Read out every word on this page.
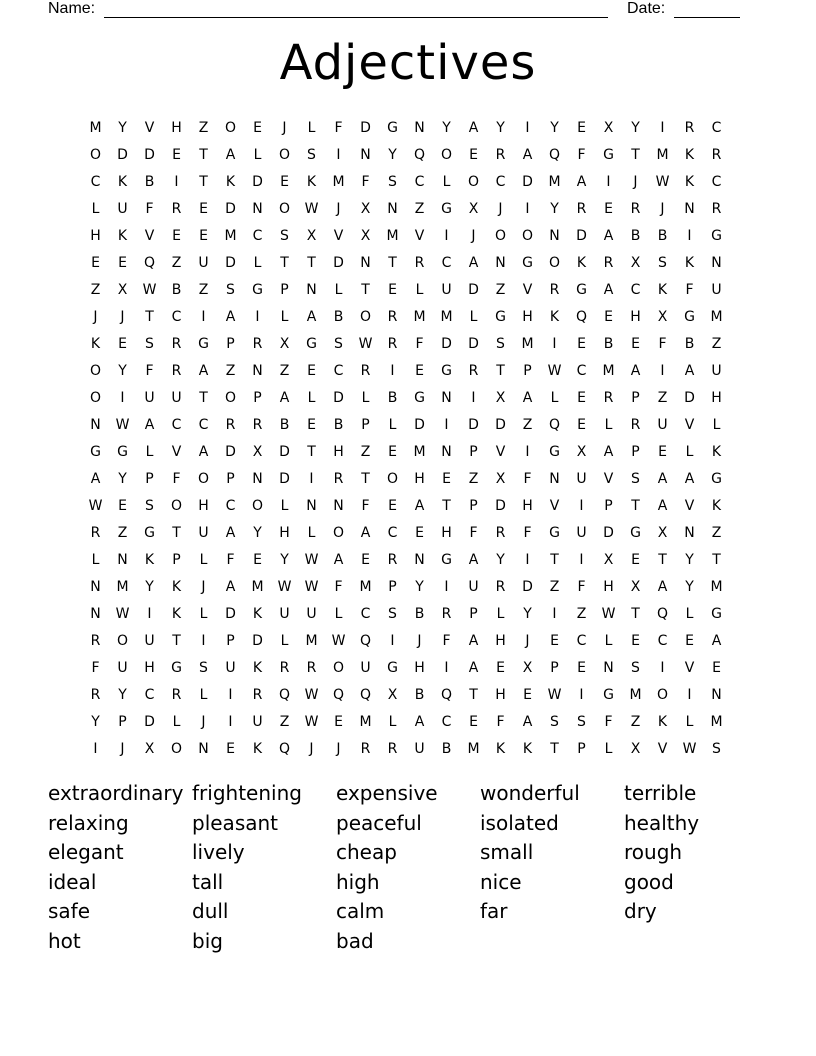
Name:	Date:
Adjectives
M	Y	V	H	Z	O	E	J	L	F	D	G	N	Y	A	Y	I	Y	E	X	Y	I	R	C
O	D	D	E	T	A	L	O	S	I	N	Y	Q	O	E	R	A	Q	F	G	T	M	K	R
C	K	B	I	T	K	D	E	K	M	F	S	C	L	O	C	D	M	A	I	J	W	K	C
L	U	F	R	E	D	N	O	W	J	X	N	Z	G	X	J	I	Y	R	E	R	J	N	R
H	K	V	E	E	M	C	S	X	V	X	M	V	I	J	O	O	N	D	A	B	B	I	G
E	E	Q	Z	U	D	L	T	T	D	N	T	R	C	A	N	G	O	K	R	X	S	K	N
Z	X	W	B	Z	S	G	P	N	L	T	E	L	U	D	Z	V	R	G	A	C	K	F	U
J	J	T	C	I	A	I	L	A	B	O	R	M	M	L	G	H	K	Q	E	H	X	G	M
K	E	S	R	G	P	R	X	G	S	W	R	F	D	D	S	M	I	E	B	E	F	B	Z
O	Y	F	R	A	Z	N	Z	E	C	R	I	E	G	R	T	P	W	C	M	A	I	A	U
O	I	U	U	T	O	P	A	L	D	L	B	G	N	I	X	A	L	E	R	P	Z	D	H
N	W	A	C	C	R	R	B	E	B	P	L	D	I	D	D	Z	Q	E	L	R	U	V	L
G	G	L	V	A	D	X	D	T	H	Z	E	M	N	P	V	I	G	X	A	P	E	L	K
A	Y	P	F	O	P	N	D	I	R	T	O	H	E	Z	X	F	N	U	V	S	A	A	G
W	E	S	O	H	C	O	L	N	N	F	E	A	T	P	D	H	V	I	P	T	A	V	K
R	Z	G	T	U	A	Y	H	L	O	A	C	E	H	F	R	F	G	U	D	G	X	N	Z
L	N	K	P	L	F	E	Y	W	A	E	R	N	G	A	Y	I	T	I	X	E	T	Y	T
N	M	Y	K	J	A	M	W W	F	M	P	Y	I	U	R	D	Z	F	H	X	A	Y	M
N	W	I	K	L	D	K	U	U	L	C	S	B	R	P	L	Y	I	Z	W	T	Q	L	G
R	O	U	T	I	P	D	L	M	W	Q	I	J	F	A	H	J	E	C	L	E	C	E	A
F	U	H	G	S	U	K	R	R	O	U	G	H	I	A	E	X	P	E	N	S	I	V	E
R	Y	C	R	L	I	R	Q	W	Q	Q	X	B	Q	T	H	E	W	I	G	M	O	I	N
Y	P	D	L	J	I	U	Z	W	E	M	L	A	C	E	F	A	S	S	F	Z	K	L	M
I	J	X	O	N	E	K	Q	J	J	R	R	U	B	M	K	K	T	P	L	X	V	W	S
extraordinary frightening	expensive	wonderful	terrible
relaxing	pleasant	peaceful	isolated	healthy
elegant	lively	cheap	small	rough
ideal	tall	high	nice	good
safe	dull	calm	far	dry
hot	big	bad
